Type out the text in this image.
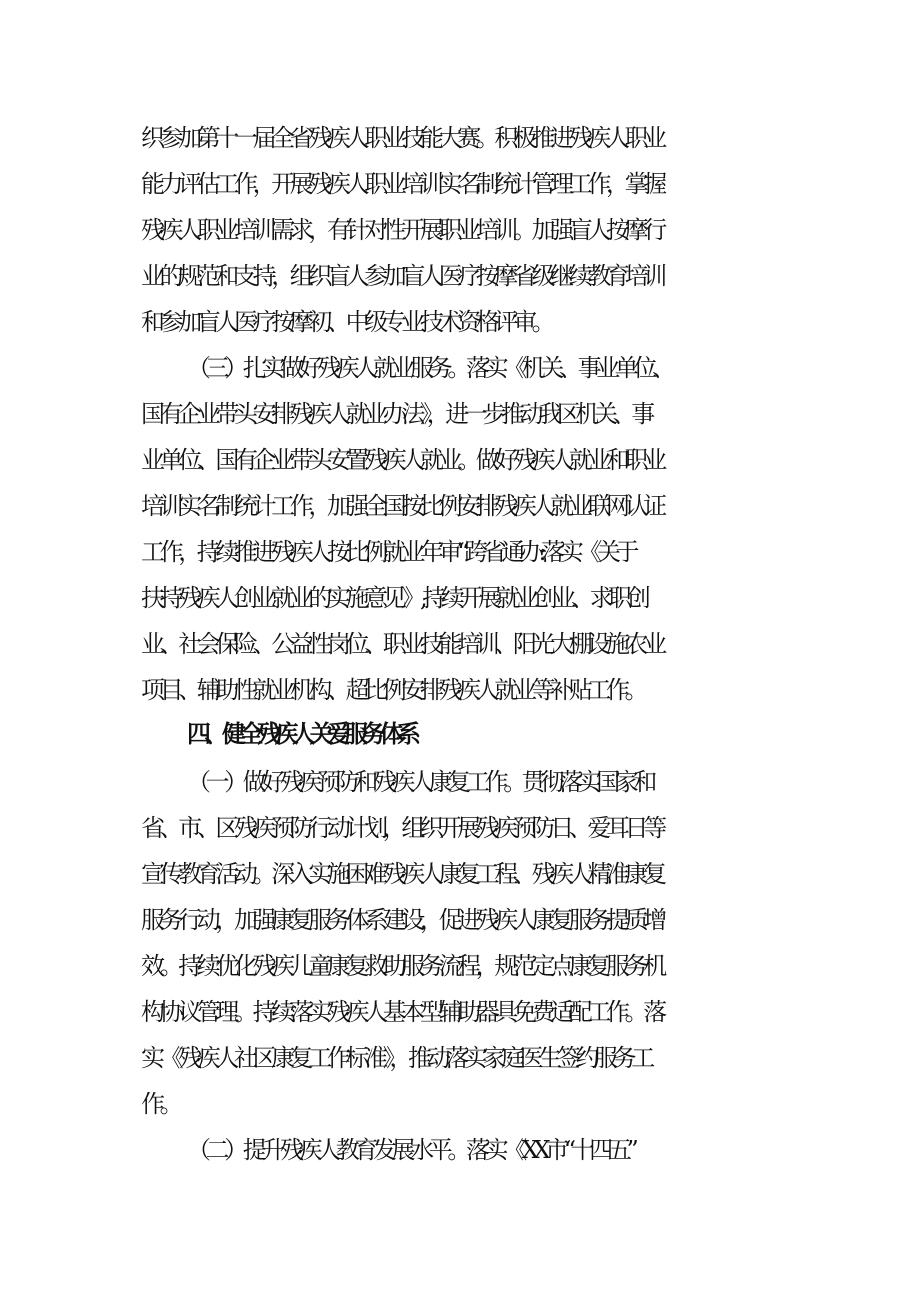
织参加第十一届全省残疾人职业技能大赛。积极推进残疾人职业
能力评估工作，开展残疾人职业培训实名制统计管理工作，掌握
残疾人职业培训需求，有针对性开展职业培训。加强盲人按摩行
业的规范和支持，组织盲人参加盲人医疗按摩省级继续教育培训
和参加盲人医疗按摩初、中级专业技术资格评审。
（三）扎实做好残疾人就业服务。落实《机关、事业单位、
国有企业带头安排残疾人就业办法》，进一步推动我区机关、事
业单位、国有企业带头安置残疾人就业。做好残疾人就业和职业
培训实名制统计工作，加强全国按比例安排残疾人就业联网认证
工作，持续推进残疾人按比例就业年审“跨省通办:落实《关于
扶持残疾人创业就业的实施意见》,持续开展就业创业、求职创
业、社会保险、公益性岗位、职业技能培训、阳光大棚设施农业
项目、辅助性就业机构、超比例安排残疾人就业等补贴工作。
四、健全残疾人关爱服务体系
（一）做好残疾预防和残疾人康复工作。贯彻落实国家和
省、市、区残疾预防行动计划，组织开展残疾预防日、爱耳日等
宣传教育活动。深入实施困难残疾人康复工程、残疾人精准康复
服务行动，加强康复服务体系建设，促进残疾人康复服务提质增
效。持续优化残疾儿童康复救助服务流程，规范定点康复服务机
构协议管理。持续落实残疾人基本型辅助器具免费适配工作。落
实《残疾人社区康复工作标准》，推动落实家庭医生签约服务工
作。
（二）提升残疾人教育发展水平。落实《XX市“十四五”
